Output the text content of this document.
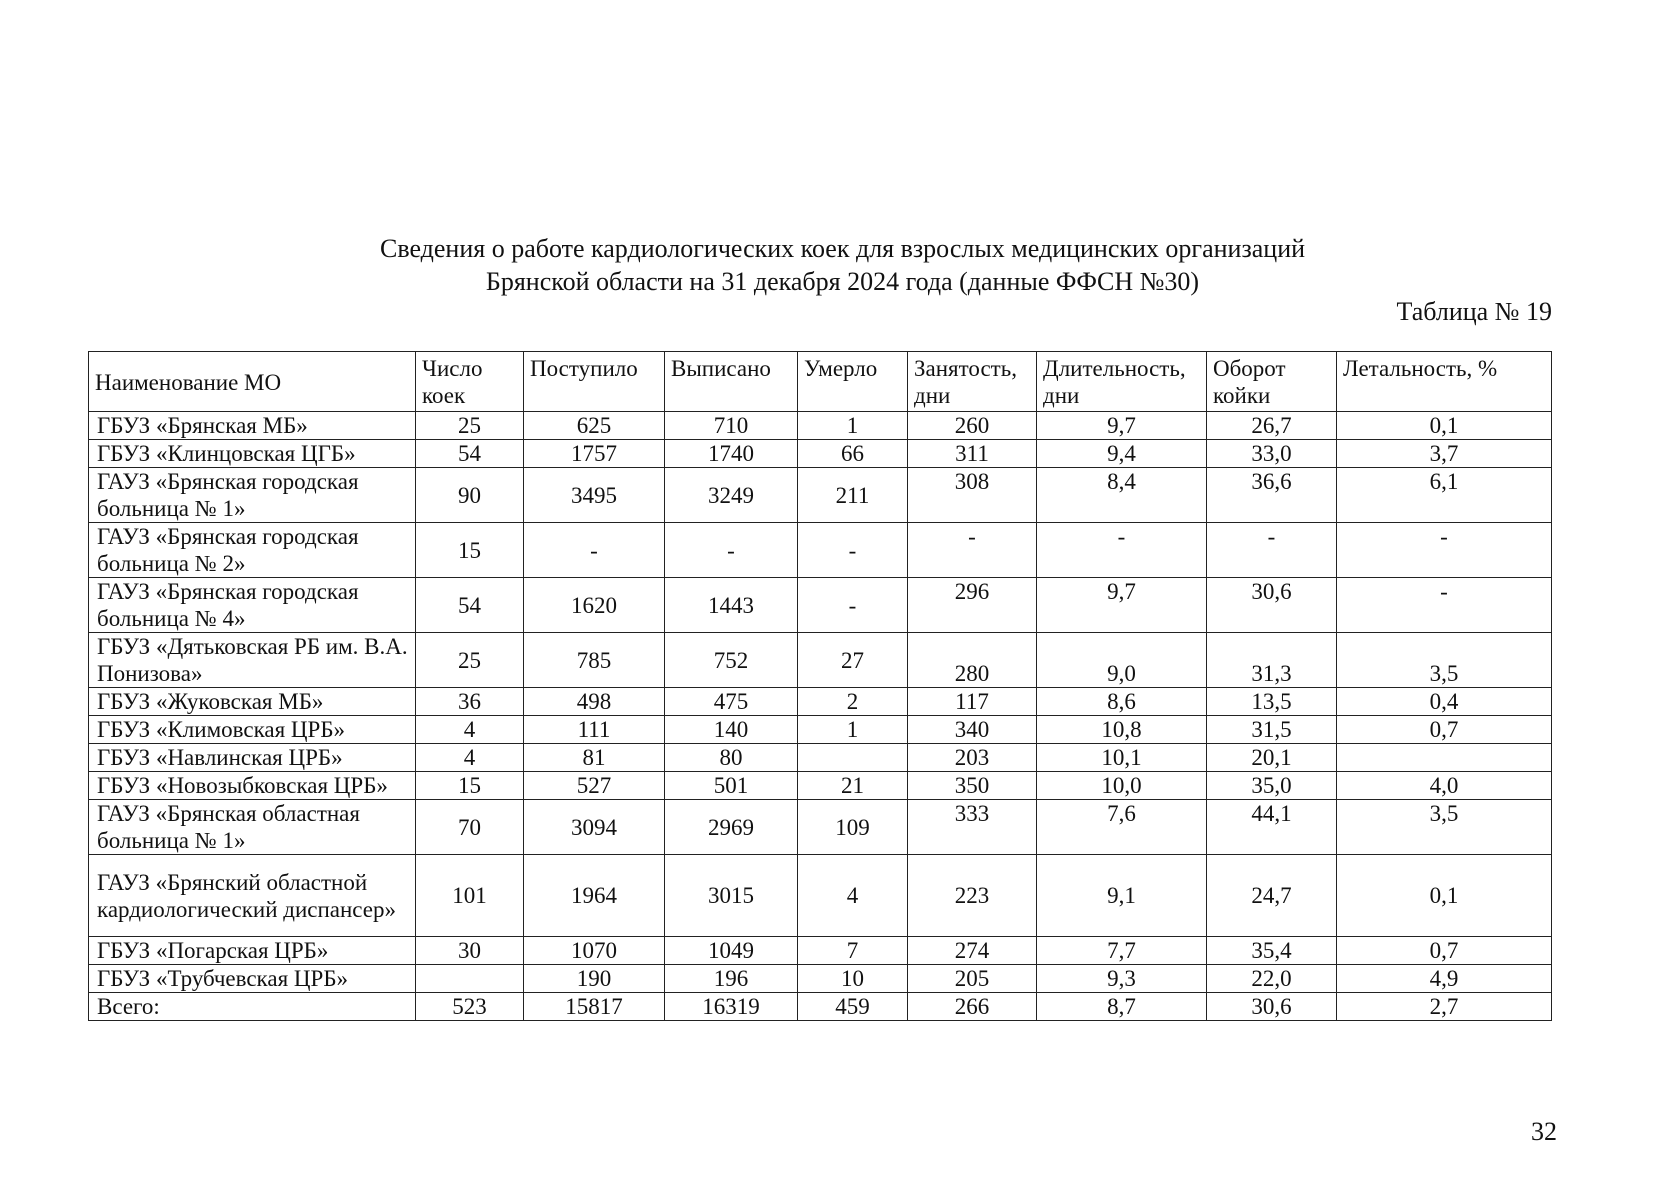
Сведения о работе кардиологических коек для взрослых медицинских организаций
Брянской области на 31 декабря 2024 года (данные ФФСН №30)
Таблица № 19
Наименование МО	Число коек	Поступило	Выписано	Умерло	Занятость, дни	Длительность, дни	Оборот койки	Летальность, %
ГБУЗ «Брянская МБ»	25	625	710	1	260	9,7	26,7	0,1
ГБУЗ «Клинцовская ЦГБ»	54	1757	1740	66	311	9,4	33,0	3,7
ГАУЗ «Брянская городская больница № 1»	90	3495	3249	211	308	8,4	36,6	6,1
ГАУЗ «Брянская городская больница № 2»	15	-	-	-	-	-	-	-
ГАУЗ «Брянская городская больница № 4»	54	1620	1443	-	296	9,7	30,6	-
ГБУЗ «Дятьковская РБ им. В.А. Понизова»	25	785	752	27	280	9,0	31,3	3,5
ГБУЗ «Жуковская МБ»	36	498	475	2	117	8,6	13,5	0,4
ГБУЗ «Климовская ЦРБ»	4	111	140	1	340	10,8	31,5	0,7
ГБУЗ «Навлинская ЦРБ»	4	81	80		203	10,1	20,1	
ГБУЗ «Новозыбковская ЦРБ»	15	527	501	21	350	10,0	35,0	4,0
ГАУЗ «Брянская областная больница № 1»	70	3094	2969	109	333	7,6	44,1	3,5
ГАУЗ «Брянский областной кардиологический диспансер»	101	1964	3015	4	223	9,1	24,7	0,1
ГБУЗ «Погарская ЦРБ»	30	1070	1049	7	274	7,7	35,4	0,7
ГБУЗ «Трубчевская ЦРБ»		190	196	10	205	9,3	22,0	4,9
Всего:	523	15817	16319	459	266	8,7	30,6	2,7
32
